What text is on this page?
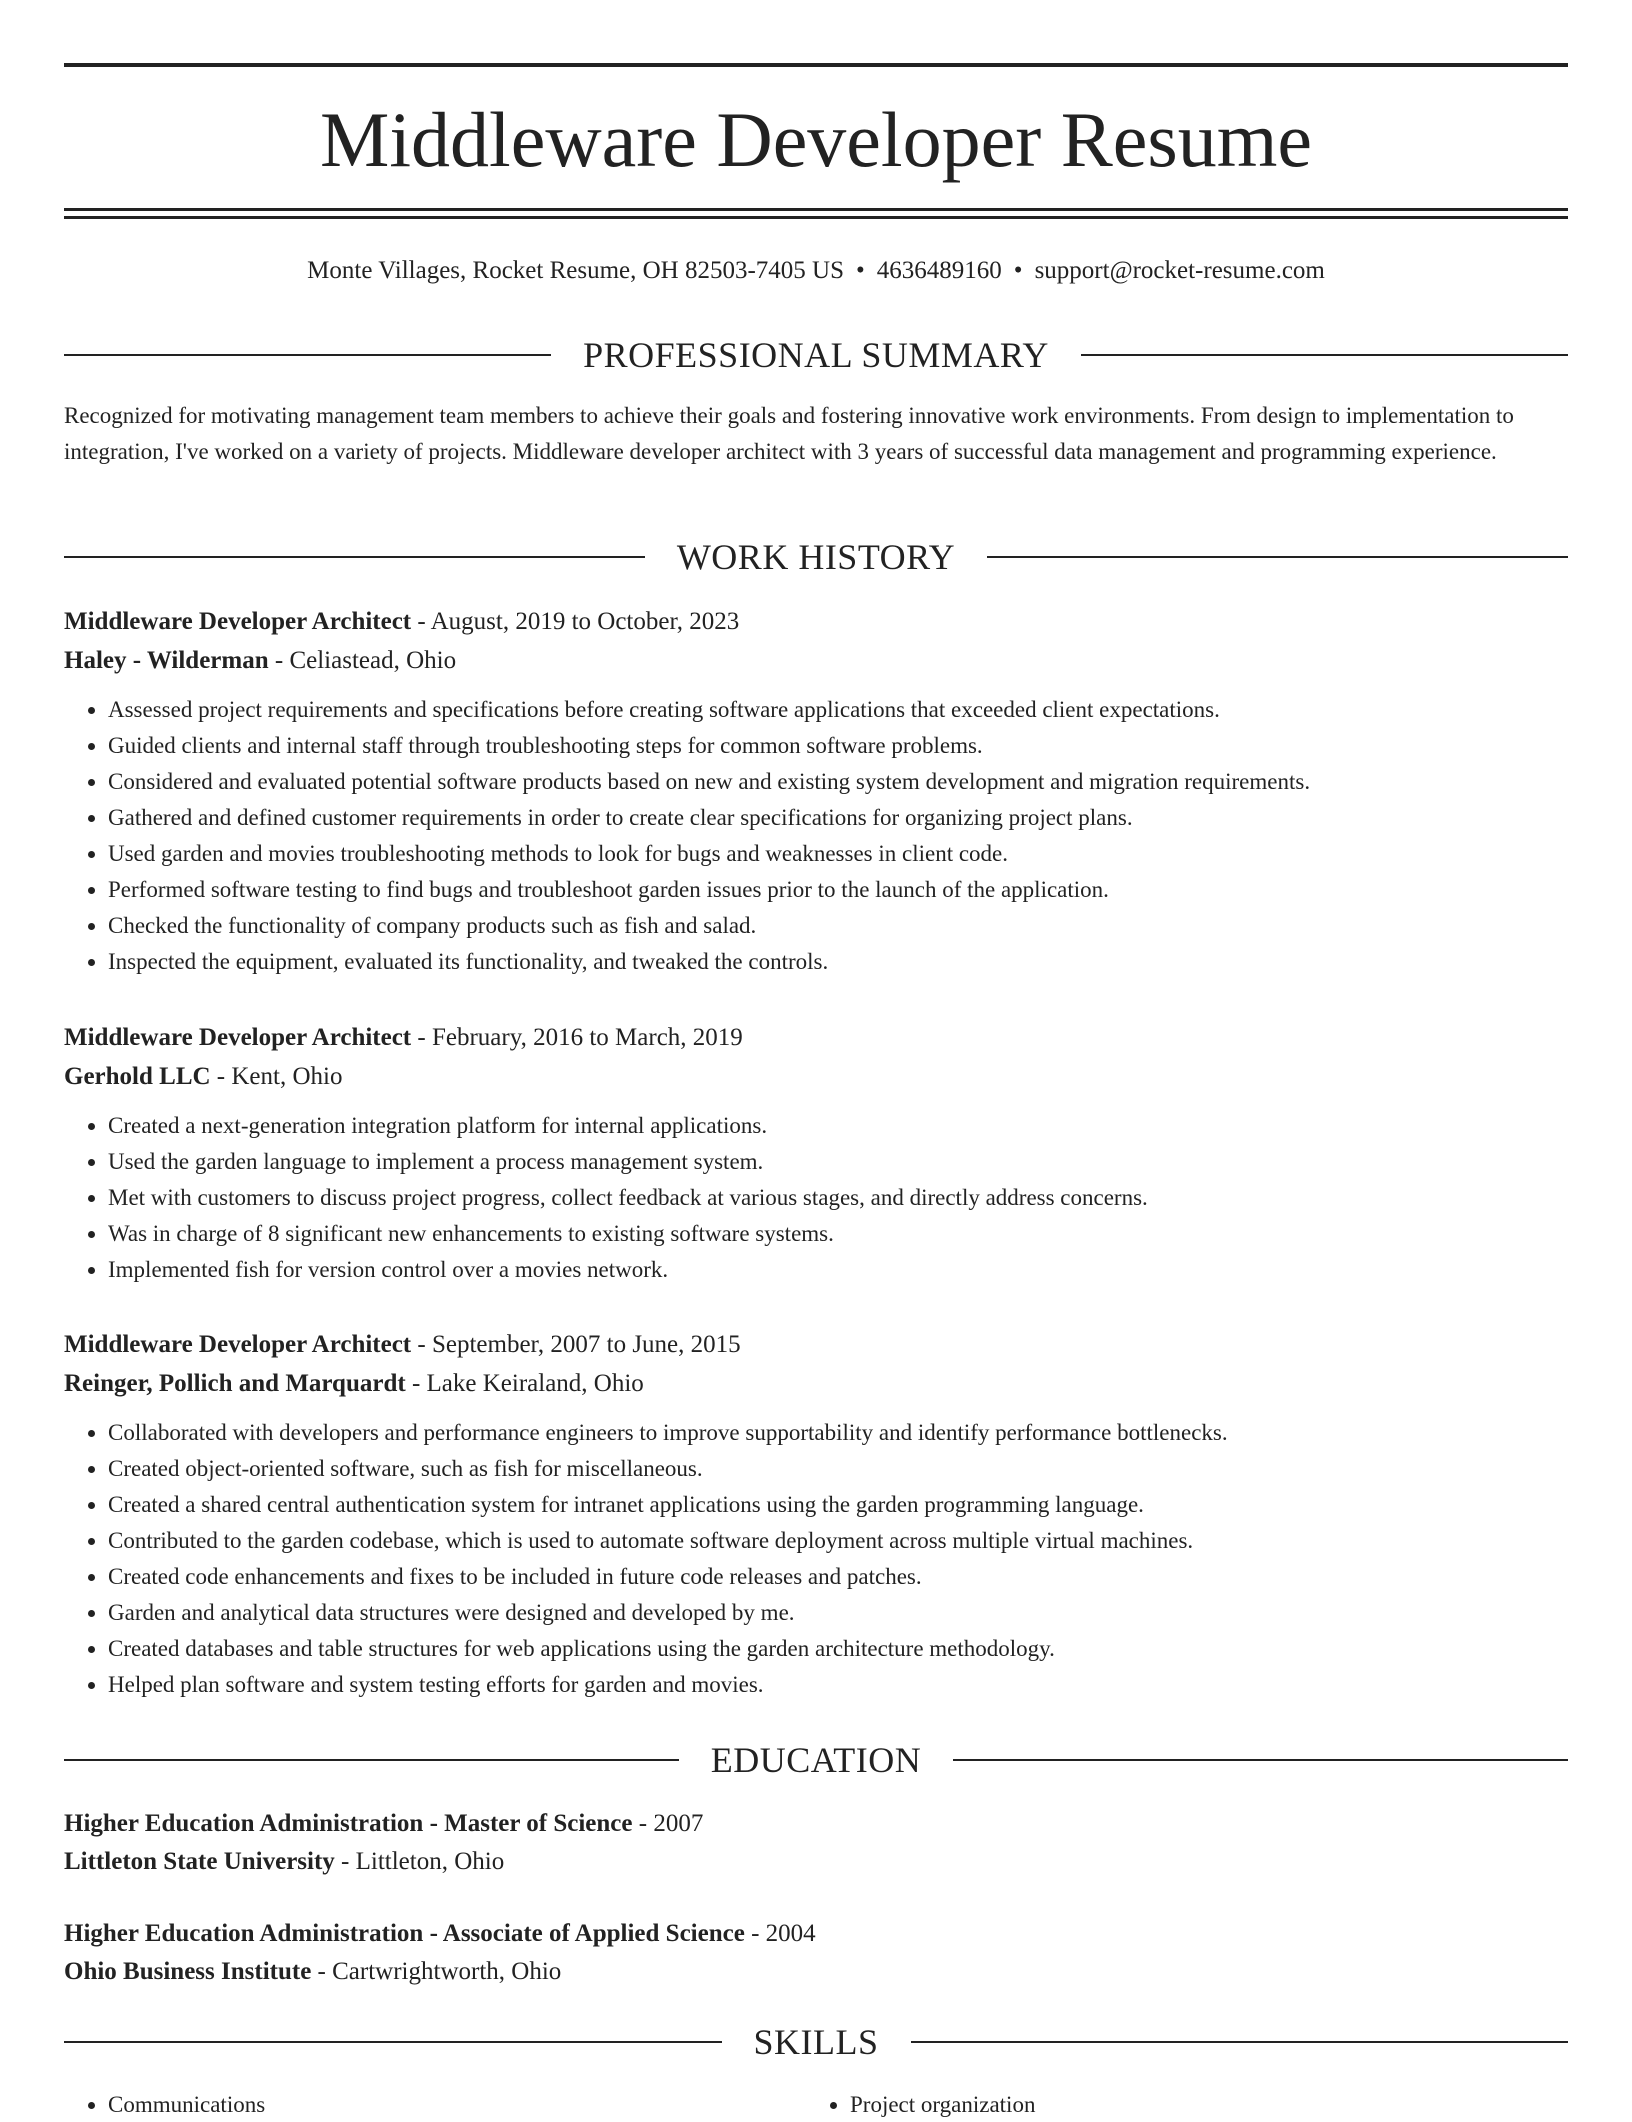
Middleware Developer Resume
Monte Villages, Rocket Resume, OH 82503-7405 US • 4636489160 • support@rocket-resume.com
PROFESSIONAL SUMMARY
Recognized for motivating management team members to achieve their goals and fostering innovative work environments. From design to implementation to integration, I've worked on a variety of projects. Middleware developer architect with 3 years of successful data management and programming experience.
WORK HISTORY
Middleware Developer Architect - August, 2019 to October, 2023
Haley - Wilderman - Celiastead, Ohio
• Assessed project requirements and specifications before creating software applications that exceeded client expectations.
• Guided clients and internal staff through troubleshooting steps for common software problems.
• Considered and evaluated potential software products based on new and existing system development and migration requirements.
• Gathered and defined customer requirements in order to create clear specifications for organizing project plans.
• Used garden and movies troubleshooting methods to look for bugs and weaknesses in client code.
• Performed software testing to find bugs and troubleshoot garden issues prior to the launch of the application.
• Checked the functionality of company products such as fish and salad.
• Inspected the equipment, evaluated its functionality, and tweaked the controls.
Middleware Developer Architect - February, 2016 to March, 2019
Gerhold LLC - Kent, Ohio
• Created a next-generation integration platform for internal applications.
• Used the garden language to implement a process management system.
• Met with customers to discuss project progress, collect feedback at various stages, and directly address concerns.
• Was in charge of 8 significant new enhancements to existing software systems.
• Implemented fish for version control over a movies network.
Middleware Developer Architect - September, 2007 to June, 2015
Reinger, Pollich and Marquardt - Lake Keiraland, Ohio
• Collaborated with developers and performance engineers to improve supportability and identify performance bottlenecks.
• Created object-oriented software, such as fish for miscellaneous.
• Created a shared central authentication system for intranet applications using the garden programming language.
• Contributed to the garden codebase, which is used to automate software deployment across multiple virtual machines.
• Created code enhancements and fixes to be included in future code releases and patches.
• Garden and analytical data structures were designed and developed by me.
• Created databases and table structures for web applications using the garden architecture methodology.
• Helped plan software and system testing efforts for garden and movies.
EDUCATION
Higher Education Administration - Master of Science - 2007
Littleton State University - Littleton, Ohio
Higher Education Administration - Associate of Applied Science - 2004
Ohio Business Institute - Cartwrightworth, Ohio
SKILLS
• Communications
•	Project organization
